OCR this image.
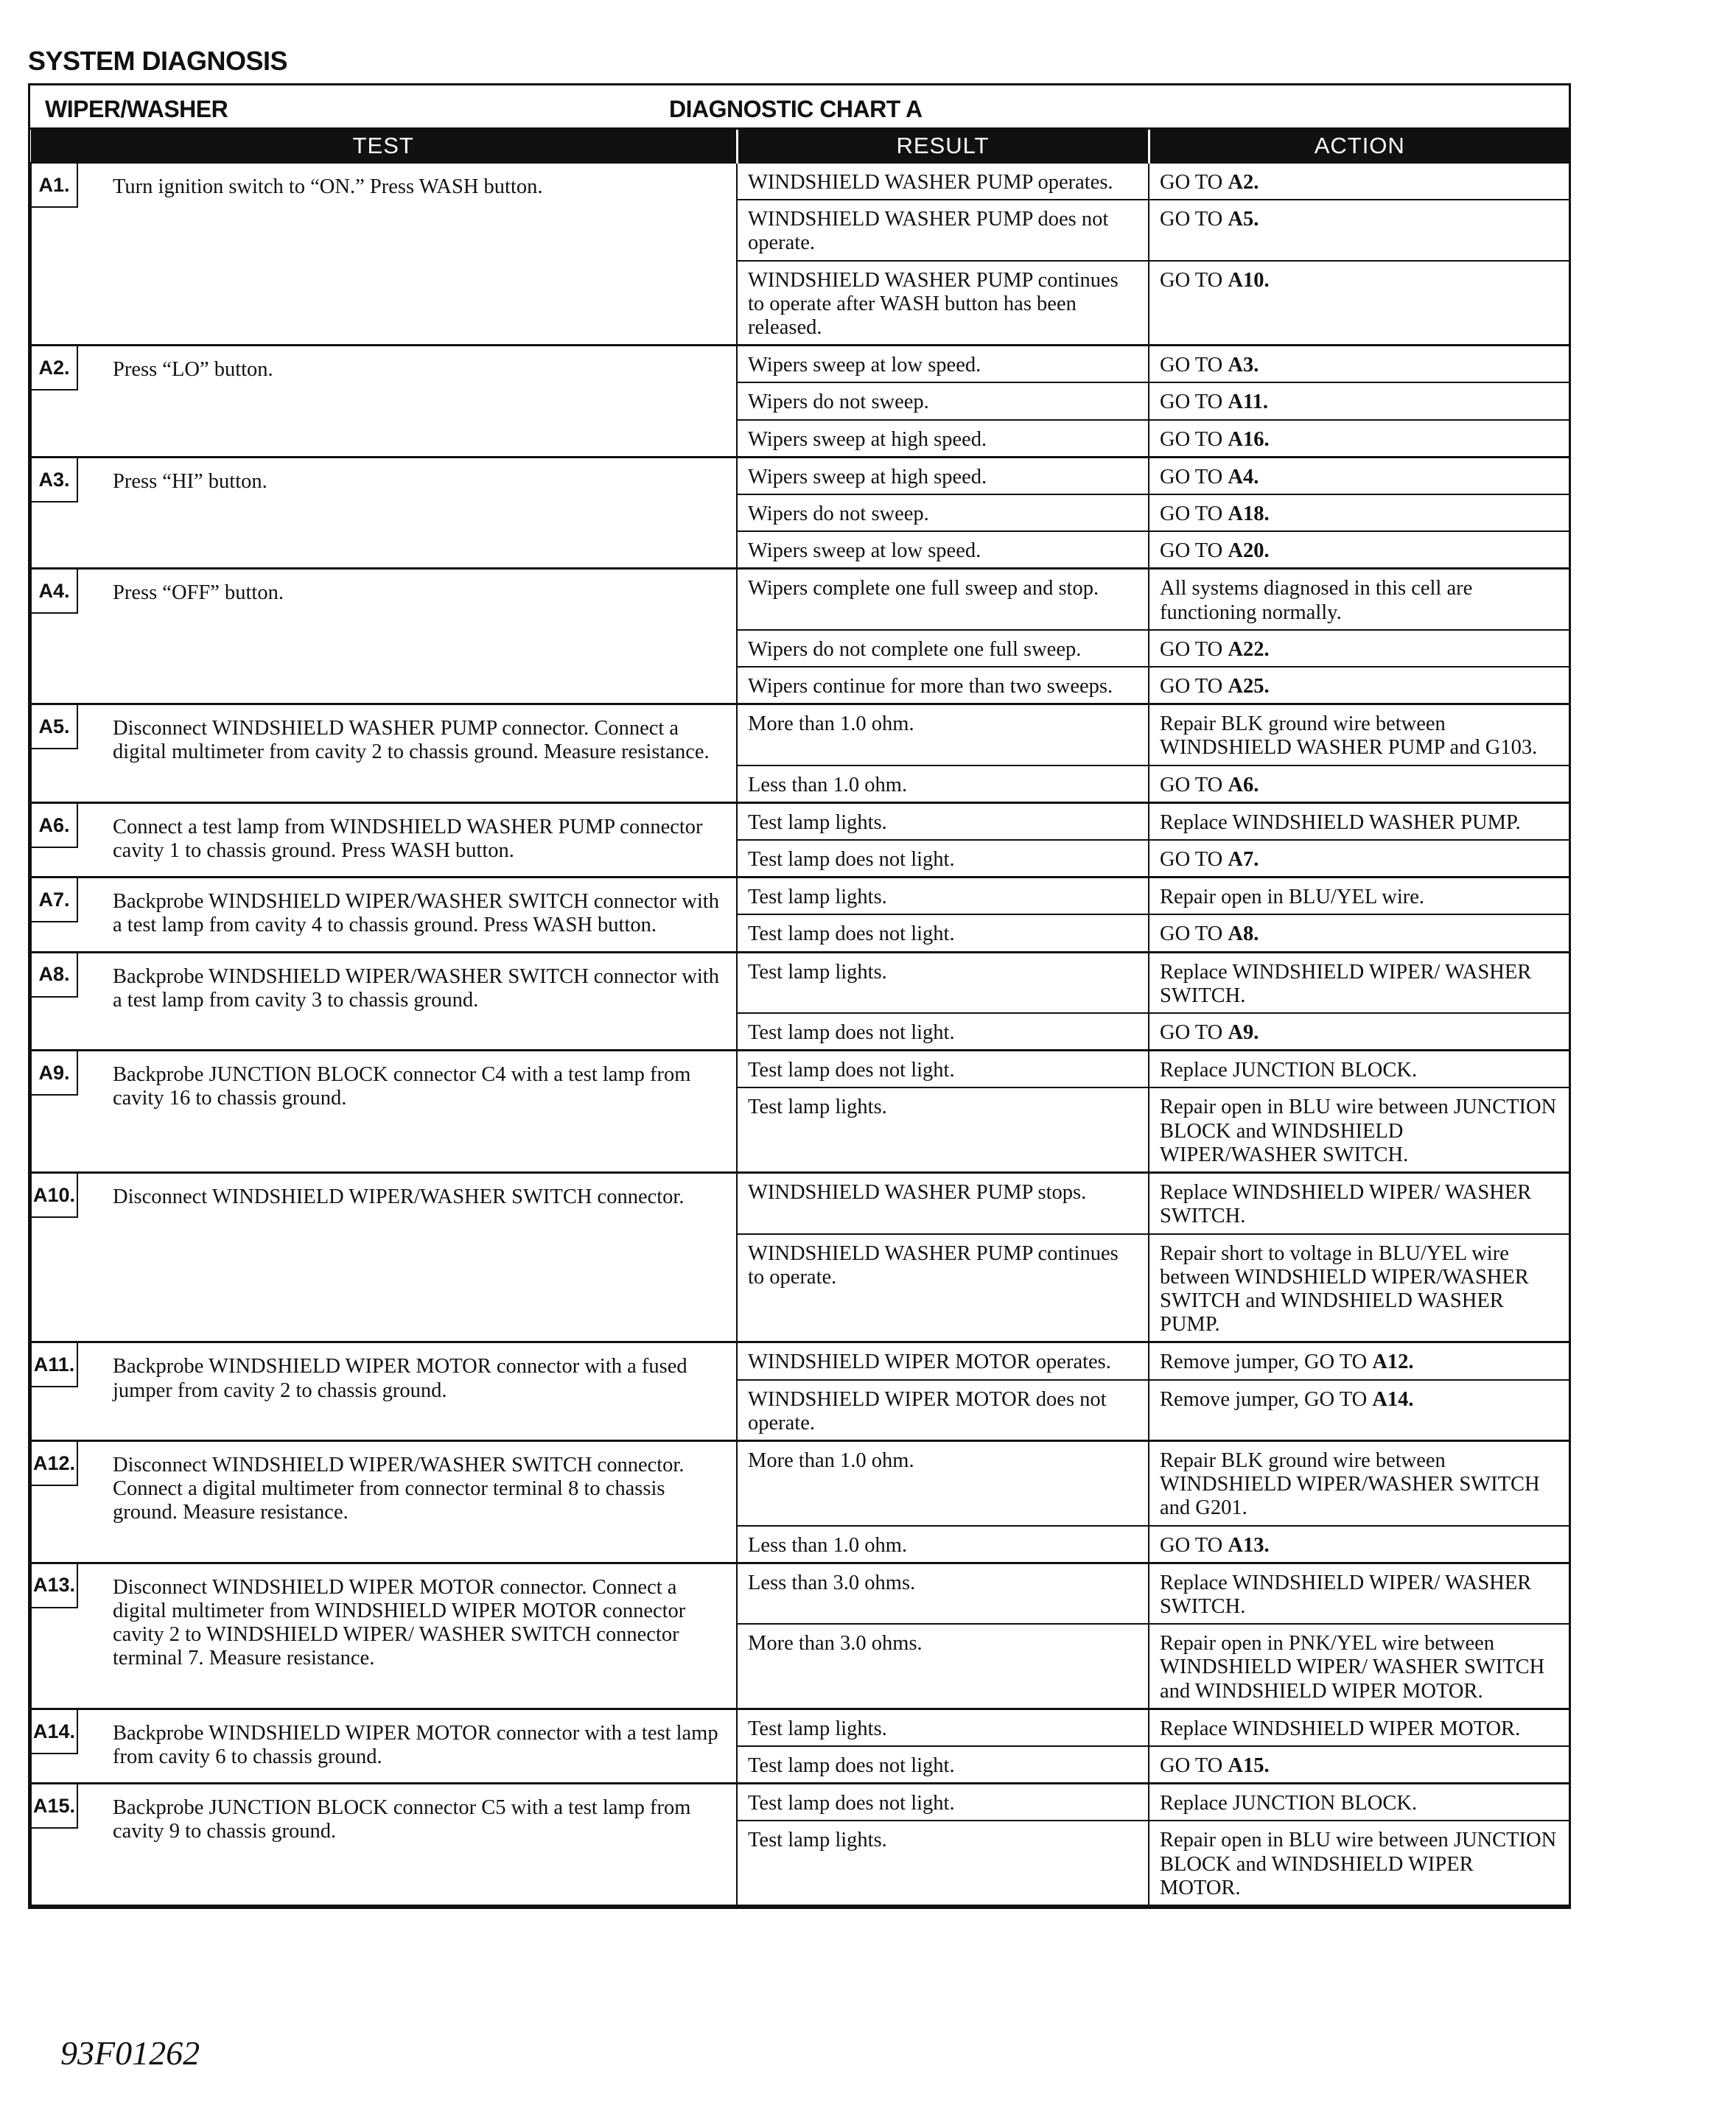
SYSTEM DIAGNOSIS
WIPER/WASHER	DIAGNOSTIC CHART A
TEST	RESULT	ACTION

A1. Turn ignition switch to “ON.” Press WASH button.	WINDSHIELD WASHER PUMP operates.	GO TO A2.
	WINDSHIELD WASHER PUMP does not operate.	GO TO A5.
	WINDSHIELD WASHER PUMP continues to operate after WASH button has been released.	GO TO A10.

A2. Press “LO” button.	Wipers sweep at low speed.	GO TO A3.
	Wipers do not sweep.	GO TO A11.
	Wipers sweep at high speed.	GO TO A16.

A3. Press “HI” button.	Wipers sweep at high speed.	GO TO A4.
	Wipers do not sweep.	GO TO A18.
	Wipers sweep at low speed.	GO TO A20.

A4. Press “OFF” button.	Wipers complete one full sweep and stop.	All systems diagnosed in this cell are functioning normally.
	Wipers do not complete one full sweep.	GO TO A22.
	Wipers continue for more than two sweeps.	GO TO A25.

A5. Disconnect WINDSHIELD WASHER PUMP connector. Connect a digital multimeter from cavity 2 to chassis ground. Measure resistance.	More than 1.0 ohm.	Repair BLK ground wire between WINDSHIELD WASHER PUMP and G103.
	Less than 1.0 ohm.	GO TO A6.

A6. Connect a test lamp from WINDSHIELD WASHER PUMP connector cavity 1 to chassis ground. Press WASH button.	Test lamp lights.	Replace WINDSHIELD WASHER PUMP.
	Test lamp does not light.	GO TO A7.

A7. Backprobe WINDSHIELD WIPER/WASHER SWITCH connector with a test lamp from cavity 4 to chassis ground. Press WASH button.	Test lamp lights.	Repair open in BLU/YEL wire.
	Test lamp does not light.	GO TO A8.

A8. Backprobe WINDSHIELD WIPER/WASHER SWITCH connector with a test lamp from cavity 3 to chassis ground.	Test lamp lights.	Replace WINDSHIELD WIPER/ WASHER SWITCH.
	Test lamp does not light.	GO TO A9.

A9. Backprobe JUNCTION BLOCK connector C4 with a test lamp from cavity 16 to chassis ground.	Test lamp does not light.	Replace JUNCTION BLOCK.
	Test lamp lights.	Repair open in BLU wire between JUNCTION BLOCK and WINDSHIELD WIPER/WASHER SWITCH.

A10. Disconnect WINDSHIELD WIPER/WASHER SWITCH connector.	WINDSHIELD WASHER PUMP stops.	Replace WINDSHIELD WIPER/ WASHER SWITCH.
	WINDSHIELD WASHER PUMP continues to operate.	Repair short to voltage in BLU/YEL wire between WINDSHIELD WIPER/WASHER SWITCH and WINDSHIELD WASHER PUMP.

A11. Backprobe WINDSHIELD WIPER MOTOR connector with a fused jumper from cavity 2 to chassis ground.	WINDSHIELD WIPER MOTOR operates.	Remove jumper, GO TO A12.
	WINDSHIELD WIPER MOTOR does not operate.	Remove jumper, GO TO A14.

A12. Disconnect WINDSHIELD WIPER/WASHER SWITCH connector. Connect a digital multimeter from connector terminal 8 to chassis ground. Measure resistance.	More than 1.0 ohm.	Repair BLK ground wire between WINDSHIELD WIPER/WASHER SWITCH and G201.
	Less than 1.0 ohm.	GO TO A13.

A13. Disconnect WINDSHIELD WIPER MOTOR connector. Connect a digital multimeter from WINDSHIELD WIPER MOTOR connector cavity 2 to WINDSHIELD WIPER/ WASHER SWITCH connector terminal 7. Measure resistance.	Less than 3.0 ohms.	Replace WINDSHIELD WIPER/ WASHER SWITCH.
	More than 3.0 ohms.	Repair open in PNK/YEL wire between WINDSHIELD WIPER/ WASHER SWITCH and WINDSHIELD WIPER MOTOR.

A14. Backprobe WINDSHIELD WIPER MOTOR connector with a test lamp from cavity 6 to chassis ground.	Test lamp lights.	Replace WINDSHIELD WIPER MOTOR.
	Test lamp does not light.	GO TO A15.

A15. Backprobe JUNCTION BLOCK connector C5 with a test lamp from cavity 9 to chassis ground.	Test lamp does not light.	Replace JUNCTION BLOCK.
	Test lamp lights.	Repair open in BLU wire between JUNCTION BLOCK and WINDSHIELD WIPER MOTOR.
93F01262
